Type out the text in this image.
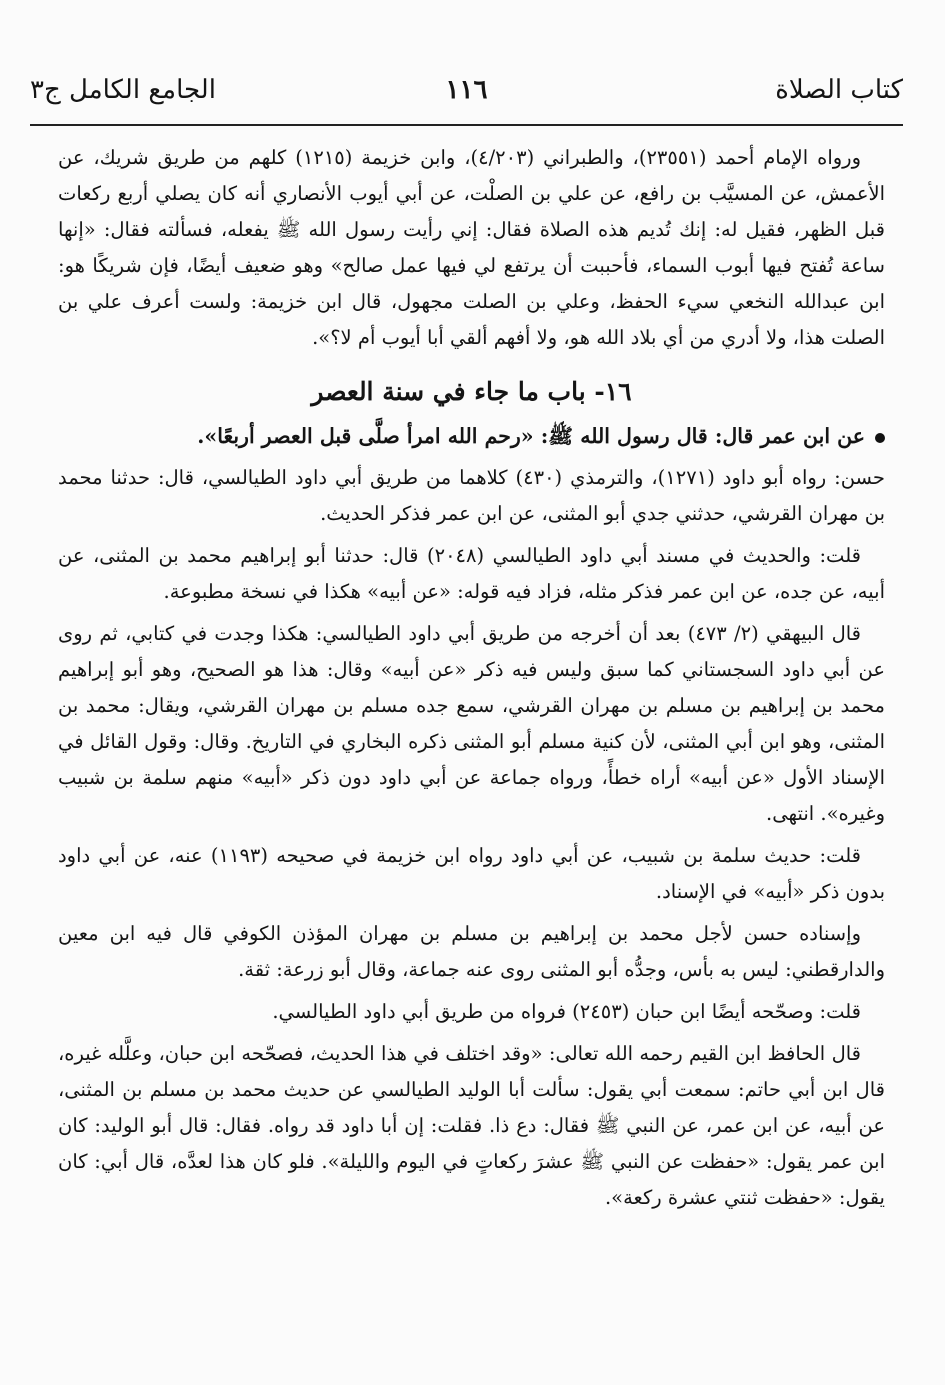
كتاب الصلاة
١١٦
الجامع الكامل ج٣

ورواه الإمام أحمد (٢٣٥٥١)، والطبراني (٤/٢٠٣)، وابن خزيمة (١٢١٥) كلهم من طريق شريك، عن الأعمش، عن المسيَّب بن رافع، عن علي بن الصلْت، عن أبي أيوب الأنصاري أنه كان يصلي أربع ركعات قبل الظهر، فقيل له: إنك تُديم هذه الصلاة فقال: إني رأيت رسول الله ﷺ يفعله، فسألته فقال: «إنها ساعة تُفتح فيها أبوب السماء، فأحببت أن يرتفع لي فيها عمل صالح» وهو ضعيف أيضًا، فإن شريكًا هو: ابن عبدالله النخعي سيء الحفظ، وعلي بن الصلت مجهول، قال ابن خزيمة: ولست أعرف علي بن الصلت هذا، ولا أدري من أي بلاد الله هو، ولا أفهم ألقي أبا أيوب أم لا؟».

١٦- باب ما جاء في سنة العصر

عن ابن عمر قال: قال رسول الله ﷺ: «رحم الله امرأ صلَّى قبل العصر أربعًا».

حسن: رواه أبو داود (١٢٧١)، والترمذي (٤٣٠) كلاهما من طريق أبي داود الطيالسي، قال: حدثنا محمد بن مهران القرشي، حدثني جدي أبو المثنى، عن ابن عمر فذكر الحديث.

قلت: والحديث في مسند أبي داود الطيالسي (٢٠٤٨) قال: حدثنا أبو إبراهيم محمد بن المثنى، عن أبيه، عن جده، عن ابن عمر فذكر مثله، فزاد فيه قوله: «عن أبيه» هكذا في نسخة مطبوعة.

قال البيهقي (٢/ ٤٧٣) بعد أن أخرجه من طريق أبي داود الطيالسي: هكذا وجدت في كتابي، ثم روى عن أبي داود السجستاني كما سبق وليس فيه ذكر «عن أبيه» وقال: هذا هو الصحيح، وهو أبو إبراهيم محمد بن إبراهيم بن مسلم بن مهران القرشي، سمع جده مسلم بن مهران القرشي، ويقال: محمد بن المثنى، وهو ابن أبي المثنى، لأن كنية مسلم أبو المثنى ذكره البخاري في التاريخ. وقال: وقول القائل في الإسناد الأول «عن أبيه» أراه خطأً، ورواه جماعة عن أبي داود دون ذكر «أبيه» منهم سلمة بن شبيب وغيره». انتهى.

قلت: حديث سلمة بن شبيب، عن أبي داود رواه ابن خزيمة في صحيحه (١١٩٣) عنه، عن أبي داود بدون ذكر «أبيه» في الإسناد.

وإسناده حسن لأجل محمد بن إبراهيم بن مسلم بن مهران المؤذن الكوفي قال فيه ابن معين والدارقطني: ليس به بأس، وجدُّه أبو المثنى روى عنه جماعة، وقال أبو زرعة: ثقة.

قلت: وصحّحه أيضًا ابن حبان (٢٤٥٣) فرواه من طريق أبي داود الطيالسي.

قال الحافظ ابن القيم رحمه الله تعالى: «وقد اختلف في هذا الحديث، فصحّحه ابن حبان، وعلَّله غيره، قال ابن أبي حاتم: سمعت أبي يقول: سألت أبا الوليد الطيالسي عن حديث محمد بن مسلم بن المثنى، عن أبيه، عن ابن عمر، عن النبي ﷺ فقال: دع ذا. فقلت: إن أبا داود قد رواه. فقال: قال أبو الوليد: كان ابن عمر يقول: «حفظت عن النبي ﷺ عشرَ ركعاتٍ في اليوم والليلة». فلو كان هذا لعدَّه، قال أبي: كان يقول: «حفظت ثنتي عشرة ركعة».
